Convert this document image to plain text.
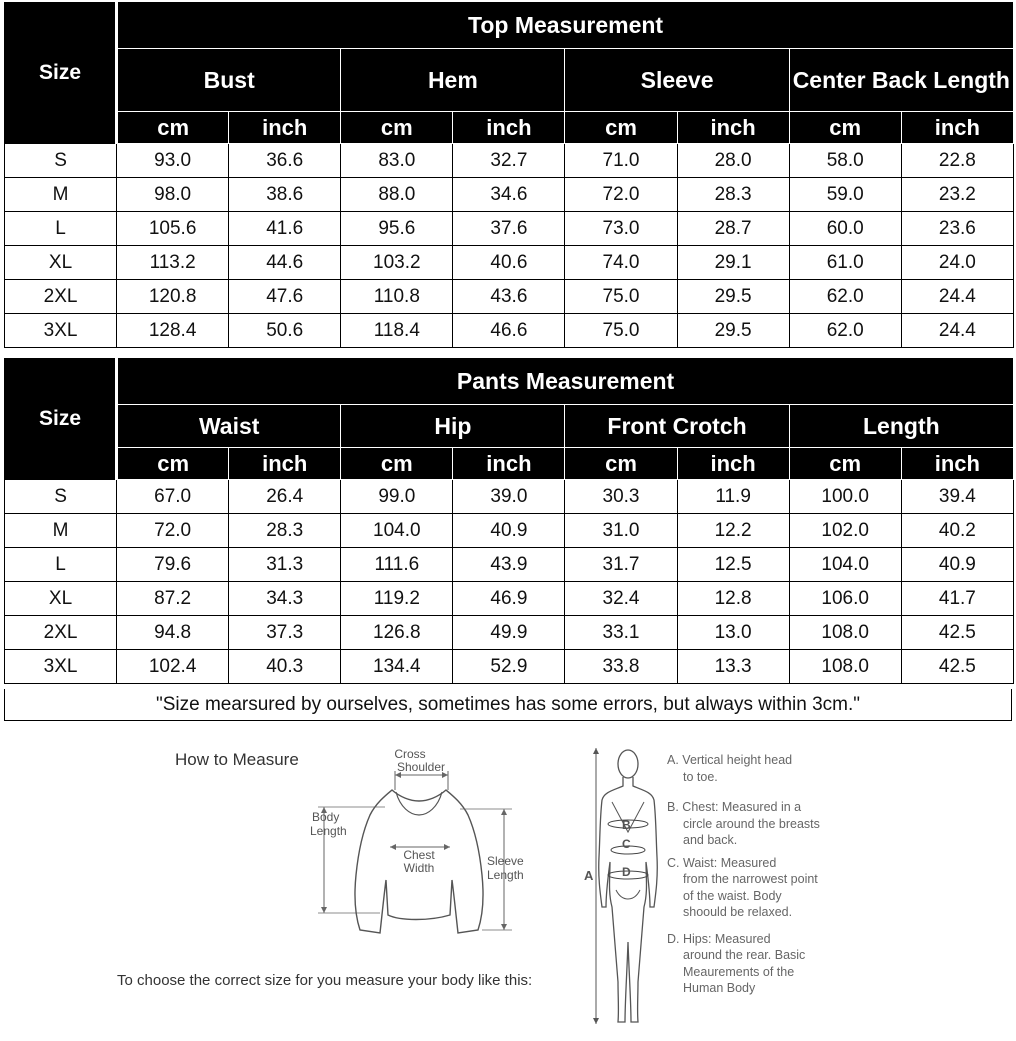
Size	Top Measurement							
	Bust		Hem		Sleeve		Center Back Length	
	cm	inch	cm	inch	cm	inch	cm	inch
S	93.0	36.6	83.0	32.7	71.0	28.0	58.0	22.8
M	98.0	38.6	88.0	34.6	72.0	28.3	59.0	23.2
L	105.6	41.6	95.6	37.6	73.0	28.7	60.0	23.6
XL	113.2	44.6	103.2	40.6	74.0	29.1	61.0	24.0
2XL	120.8	47.6	110.8	43.6	75.0	29.5	62.0	24.4
3XL	128.4	50.6	118.4	46.6	75.0	29.5	62.0	24.4
Size	Pants Measurement							
	Waist		Hip		Front Crotch		Length	
	cm	inch	cm	inch	cm	inch	cm	inch
S	67.0	26.4	99.0	39.0	30.3	11.9	100.0	39.4
M	72.0	28.3	104.0	40.9	31.0	12.2	102.0	40.2
L	79.6	31.3	111.6	43.9	31.7	12.5	104.0	40.9
XL	87.2	34.3	119.2	46.9	32.4	12.8	106.0	41.7
2XL	94.8	37.3	126.8	49.9	33.1	13.0	108.0	42.5
3XL	102.4	40.3	134.4	52.9	33.8	13.3	108.0	42.5
"Size mearsured by ourselves, sometimes has some errors, but always within 3cm."
How to Measure	Cross
Shoulder
Body
Length
Chest
Width	Sleeve
Length
To choose the correct size for you measure your body like this:
A
B
C
D
A. Vertical height head
to toe.
B. Chest: Measured in a
circle around the breasts and back.
C. Waist: Measured
from the narrowest point of the waist. Body shoould be relaxed.
D. Hips: Measured
around the rear. Basic Meaurements of the Human Body
